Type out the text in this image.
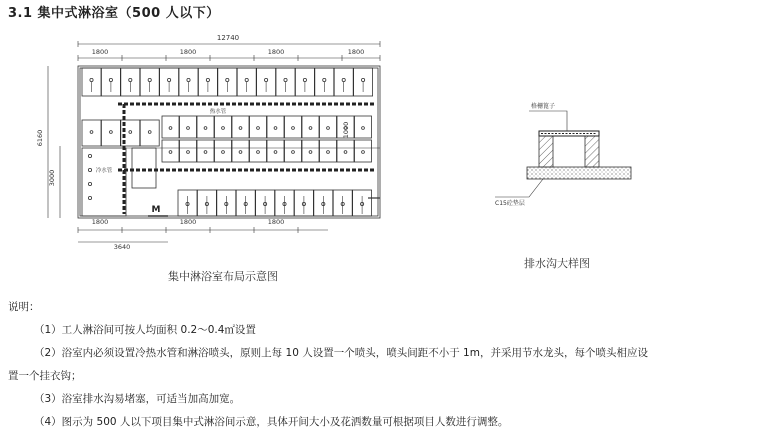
3.1 集中式淋浴室（500 人以下）
12740
1800	1800	1800	1800
6160
3000
1000
1800	1800	1800
3640
热水管
冷水管
M
集中淋浴室布局示意图
格栅篦子
C15砼垫层
排水沟大样图
说明：
（1）工人淋浴间可按人均面积 0.2～0.4㎡设置
（2）浴室内必须设置冷热水管和淋浴喷头，原则上每 10 人设置一个喷头，喷头间距不小于 1m，并采用节水龙头，每个喷头相应设
置一个挂衣钩；
（3）浴室排水沟易堵塞，可适当加高加宽。
（4）图示为 500 人以下项目集中式淋浴间示意，具体开间大小及花洒数量可根据项目人数进行调整。
